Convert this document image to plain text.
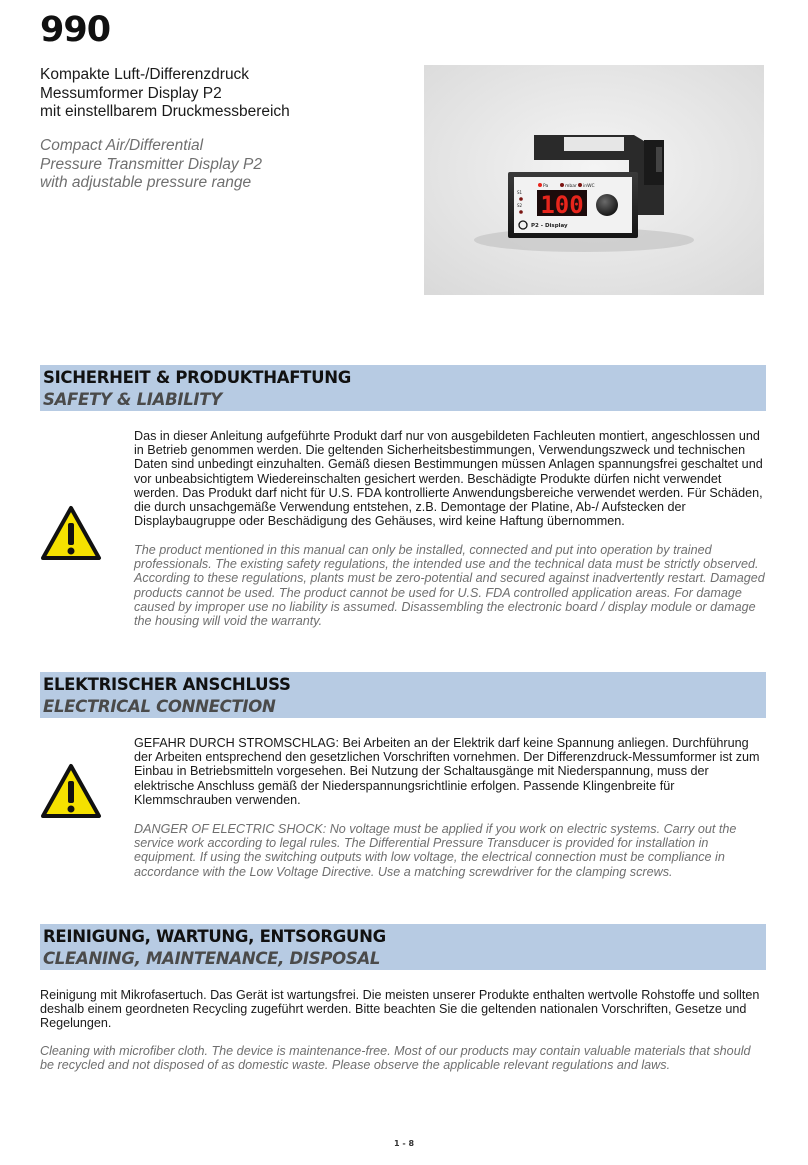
990
Kompakte Luft-/Differenzdruck
Messumformer Display P2
mit einstellbarem Druckmessbereich
Compact Air/Differential
Pressure Transmitter Display P2
with adjustable pressure range
100
Pa	mbar inWC
S1
S2
P2 - Display
SICHERHEIT & PRODUKTHAFTUNG
SAFETY & LIABILITY
Das in dieser Anleitung aufgeführte Produkt darf nur von ausgebildeten Fachleuten montiert, angeschlossen und in Betrieb genommen werden. Die geltenden Sicherheitsbestimmungen, Verwendungszweck und technischen Daten sind unbedingt einzuhalten. Gemäß diesen Bestimmungen müssen Anlagen spannungsfrei geschaltet und vor unbeabsichtigtem Wiedereinschalten gesichert werden. Beschädigte Produkte dürfen nicht verwendet werden. Das Produkt darf nicht für U.S. FDA kontrollierte Anwendungsbereiche verwendet werden. Für Schäden, die durch unsachgemäße Verwendung entstehen, z.B. Demontage der Platine, Ab-/ Aufstecken der Displaybaugruppe oder Beschädigung des Gehäuses, wird keine Haftung übernommen.
The product mentioned in this manual can only be installed, connected and put into operation by trained professionals. The existing safety regulations, the intended use and the technical data must be strictly observed. According to these regulations, plants must be zero-potential and secured against inadvertently restart. Damaged products cannot be used. The product cannot be used for U.S. FDA controlled application areas. For damage caused by improper use no liability is assumed. Disassembling the electronic board / display module or damage the housing will void the warranty.
ELEKTRISCHER ANSCHLUSS
ELECTRICAL CONNECTION
GEFAHR DURCH STROMSCHLAG: Bei Arbeiten an der Elektrik darf keine Spannung anliegen. Durchführung der Arbeiten entsprechend den gesetzlichen Vorschriften vornehmen. Der Differenzdruck-Messumformer ist zum Einbau in Betriebsmitteln vorgesehen. Bei Nutzung der Schaltausgänge mit Niederspannung, muss der elektrische Anschluss gemäß der Niederspannungsrichtlinie erfolgen. Passende Klingenbreite für Klemmschrauben verwenden.
DANGER OF ELECTRIC SHOCK: No voltage must be applied if you work on electric systems. Carry out the service work according to legal rules. The Differential Pressure Transducer is provided for installation in equipment. If using the switching outputs with low voltage, the electrical connection must be compliance in accordance with the Low Voltage Directive. Use a matching screwdriver for the clamping screws.
REINIGUNG, WARTUNG, ENTSORGUNG
CLEANING, MAINTENANCE, DISPOSAL
Reinigung mit Mikrofasertuch. Das Gerät ist wartungsfrei. Die meisten unserer Produkte enthalten wertvolle Rohstoffe und sollten deshalb einem geordneten Recycling zugeführt werden. Bitte beachten Sie die geltenden nationalen Vorschriften, Gesetze und Regelungen.
Cleaning with microfiber cloth. The device is maintenance-free. Most of our products may contain valuable materials that should be recycled and not disposed of as domestic waste. Please observe the applicable relevant regulations and laws.
1 - 8
